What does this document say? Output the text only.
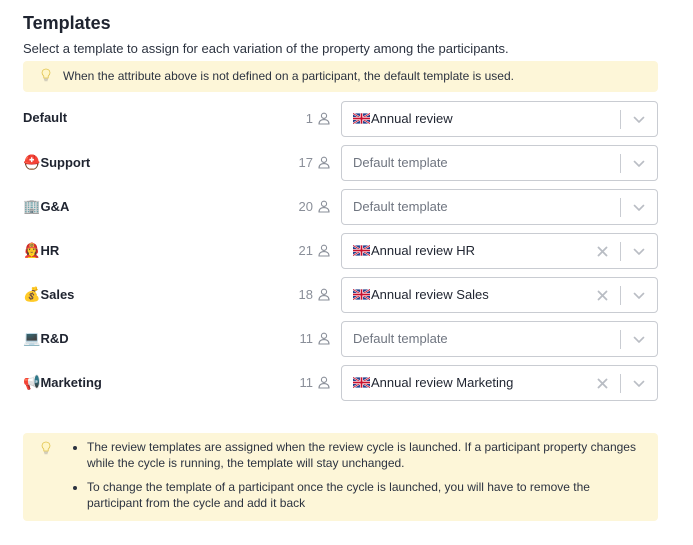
Templates
Select a template to assign for each variation of the property among the participants.
When the attribute above is not defined on a participant, the default template is used.
Default	1	Annual review
⛑️Support	17	Default template
🏢G&A	20	Default template
👩‍🚒HR	21	Annual review HR
💰Sales	18	Annual review Sales
💻R&D	11	Default template
📢Marketing	11	Annual review Marketing
• The review templates are assigned when the review cycle is launched. If a participant property changes while the cycle is running, the template will stay unchanged.
• To change the template of a participant once the cycle is launched, you will have to remove the participant from the cycle and add it back
